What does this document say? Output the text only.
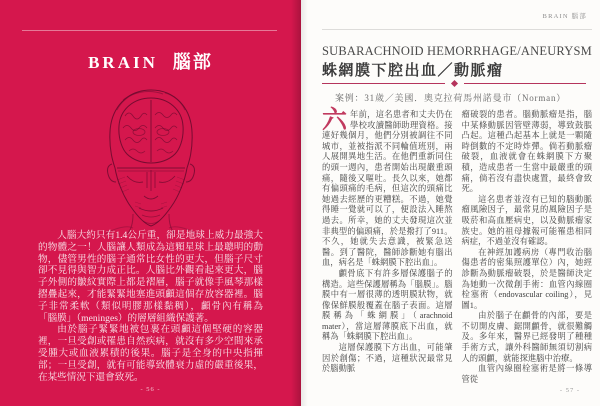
BRAIN 腦部

人腦大約只有1.4公斤重，卻是地球上威力最強大的物體之一！人腦讓人類成為這顆星球上最聰明的動物，儘管男性的腦子通常比女性的更大，但腦子尺寸卻不見得與智力成正比。人腦比外觀看起來更大，腦子外側的皺紋實際上都是褶層，腦子就像手風琴那樣摺疊起來，才能緊緊地塞進頭顱這個存放容器裡。腦子非常柔軟（類似明膠那樣黏稠），顱骨內有稱為「腦膜」（meninges）的層層組織保護著。

由於腦子緊緊地被包裹在頭顱這個堅硬的容器裡，一旦受創或罹患自然疾病，就沒有多少空間來承受腫大或血液累積的後果。腦子是全身的中央指揮部；一旦受創，就有可能導致體衰力虛的嚴重後果，在某些情況下還會致死。

- 56 -
BRAIN 腦部
SUBARACHNOID HEMORRHAGE/ANEURYSM
蛛網膜下腔出血／動脈瘤
案例：31歲／美國．奧克拉荷馬州諾曼市（Norman）

六年前，這名患者和丈夫仍在學校攻讀醫師助理資格。接連好幾個月，他們分別被調往不同城市，並被指派不同輪值班別，兩人展開異地生活。在他們重新同住的頭一週內，患者開始出現嚴重頭痛，隨後又嘔吐。長久以來，她都有偏頭痛的毛病，但這次的頭痛比她過去經歷的更糟糕。不過，她覺得睡一覺就可以了，便設法入睡熬過去。所幸，她的丈夫發現這次並非典型的偏頭痛，於是撥打了911。不久，她就失去意識，被緊急送醫。到了醫院，醫師診斷她有腦出血，病名是「蛛網膜下腔出血」。

顱骨底下有許多層保護腦子的構造。這些保護層稱為「腦膜」。腦膜中有一層很薄的透明膜狀物，就像保鮮膜般覆蓋在腦子表面。這層膜稱為「蛛網膜」（arachnoid mater），當這層薄膜底下出血，就稱為「蛛網膜下腔出血」。

這層保護膜下方出血，可能肇因於創傷；不過，這種狀況最常見於腦動脈

瘤破裂的患者。腦動脈瘤是指，腦中某條動脈因管壁薄弱，導致鼓脹凸起。這種凸起基本上就是一顆隨時倒數的不定時炸彈。倘若動脈瘤破裂，血液就會在蛛網膜下方聚積，造成患者一生當中最嚴重的頭痛，倘若沒有盡快處置，最終會致死。

這名患者並沒有已知的腦動脈瘤風險因子，最常見的風險因子是吸菸和高血壓病史，以及動脈瘤家族史。她的祖母據報可能罹患相同病症，不過並沒有確認。

在神經加護病房（專門收治腦傷患者的密集照護單位）內，她經診斷為動脈瘤破裂，於是醫師決定為她動一次微創手術：血管內線圈栓塞術（endovascular coiling），見圖1。

由於腦子在顱骨的內部，要是不切開皮膚、鋸開顱骨，就很難觸及。多年來，醫界已經發明了種種手術方式，讓外科醫師無須切割病人的頭顱，就能探進腦中治療。

血管內線圈栓塞術是將一條導管從

- 57 -
